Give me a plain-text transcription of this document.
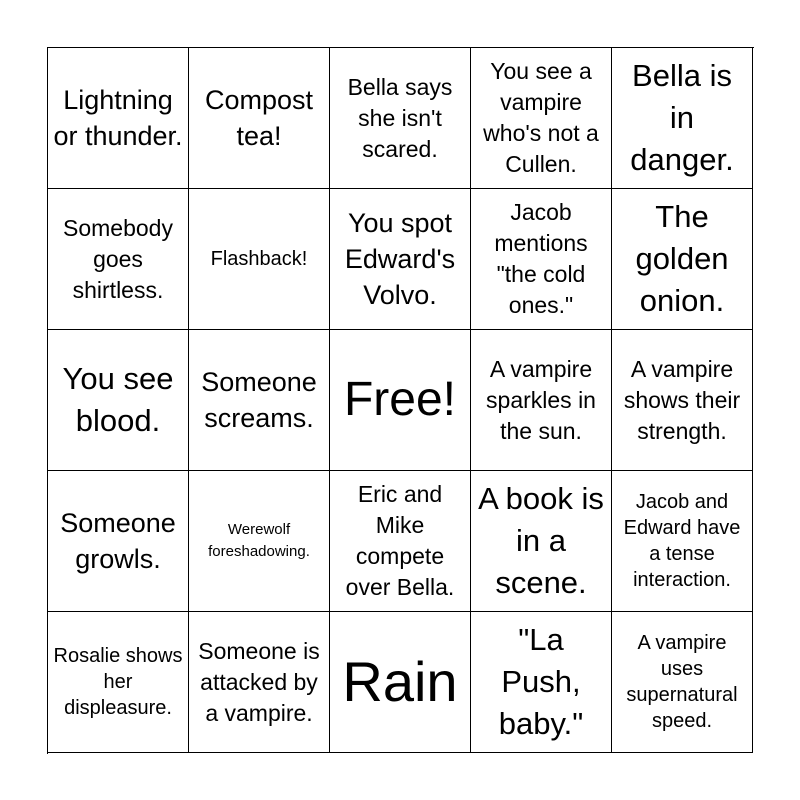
Lightning or thunder.
Compost tea!
Bella says she isn't scared.
You see a vampire who's not a Cullen.
Bella is in danger.
Somebody goes shirtless.
Flashback!
You spot Edward's Volvo.
Jacob mentions "the cold ones."
The golden onion.
You see blood.
Someone screams. Free!
A vampire sparkles in the sun.
A vampire shows their strength.
Someone growls.
Werewolf foreshadowing.
Eric and Mike compete over Bella.
A book is in a scene.
Jacob and Edward have a tense interaction.
Rosalie shows her displeasure.
Someone is attacked by a vampire. Rain
"La Push, baby."
A vampire uses supernatural speed.
